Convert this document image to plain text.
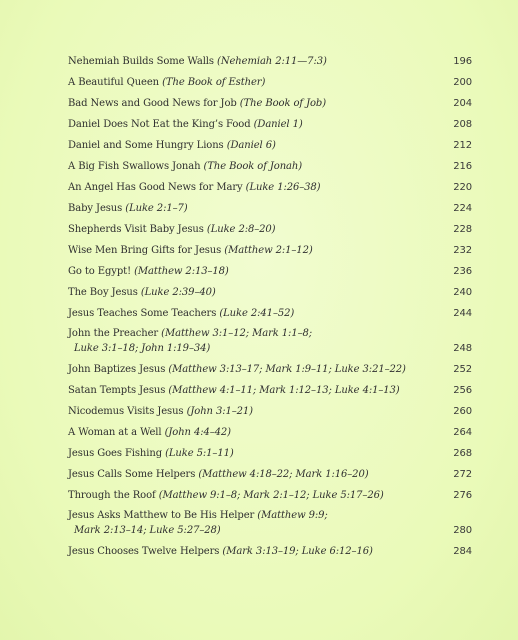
Nehemiah Builds Some Walls (Nehemiah 2:11—7:3)	196
A Beautiful Queen (The Book of Esther)	200
Bad News and Good News for Job (The Book of Job)	204
Daniel Does Not Eat the King’s Food (Daniel 1)	208
Daniel and Some Hungry Lions (Daniel 6)	212
A Big Fish Swallows Jonah (The Book of Jonah)	216
An Angel Has Good News for Mary (Luke 1:26–38)	220
Baby Jesus (Luke 2:1–7)	224
Shepherds Visit Baby Jesus (Luke 2:8–20)	228
Wise Men Bring Gifts for Jesus (Matthew 2:1–12)	232
Go to Egypt! (Matthew 2:13–18)	236
The Boy Jesus (Luke 2:39–40)	240
Jesus Teaches Some Teachers (Luke 2:41–52)	244
John the Preacher (Matthew 3:1–12; Mark 1:1–8;
Luke 3:1–18; John 1:19–34)	248
John Baptizes Jesus (Matthew 3:13–17; Mark 1:9–11; Luke 3:21–22)	252
Satan Tempts Jesus (Matthew 4:1–11; Mark 1:12–13; Luke 4:1–13)	256
Nicodemus Visits Jesus (John 3:1–21)	260
A Woman at a Well (John 4:4–42)	264
Jesus Goes Fishing (Luke 5:1–11)	268
Jesus Calls Some Helpers (Matthew 4:18–22; Mark 1:16–20)	272
Through the Roof (Matthew 9:1–8; Mark 2:1–12; Luke 5:17–26)	276
Jesus Asks Matthew to Be His Helper (Matthew 9:9;
Mark 2:13–14; Luke 5:27–28)	280
Jesus Chooses Twelve Helpers (Mark 3:13–19; Luke 6:12–16)	284
